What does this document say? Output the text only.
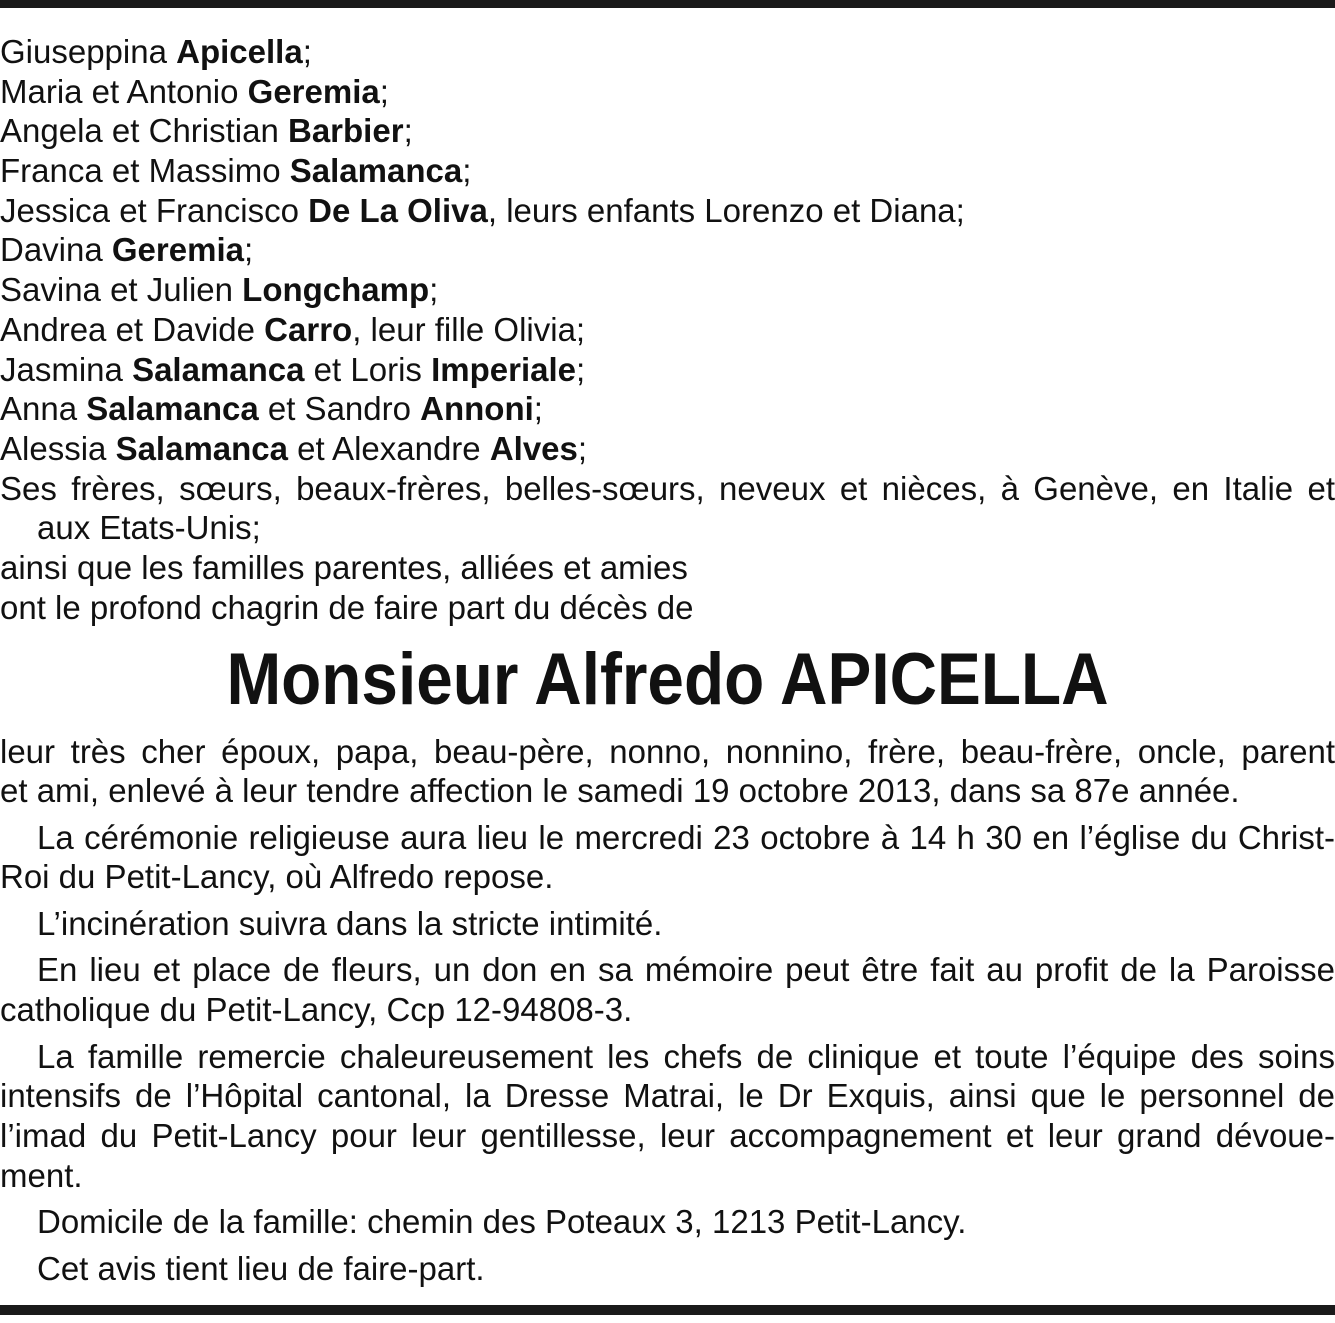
Giuseppina Apicella;
Maria et Antonio Geremia;
Angela et Christian Barbier;
Franca et Massimo Salamanca;
Jessica et Francisco De La Oliva, leurs enfants Lorenzo et Diana;
Davina Geremia;
Savina et Julien Longchamp;
Andrea et Davide Carro, leur fille Olivia;
Jasmina Salamanca et Loris Imperiale;
Anna Salamanca et Sandro Annoni;
Alessia Salamanca et Alexandre Alves;
Ses frères, sœurs, beaux-frères, belles-sœurs, neveux et nièces, à Genève, en Italie et
aux Etats-Unis;
ainsi que les familles parentes, alliées et amies
ont le profond chagrin de faire part du décès de
Monsieur Alfredo APICELLA
leur très cher époux, papa, beau-père, nonno, nonnino, frère, beau-frère, oncle, parent
et ami, enlevé à leur tendre affection le samedi 19 octobre 2013, dans sa 87e année.
La cérémonie religieuse aura lieu le mercredi 23 octobre à 14 h 30 en l’église du Christ-
Roi du Petit-Lancy, où Alfredo repose.
L’incinération suivra dans la stricte intimité.
En lieu et place de fleurs, un don en sa mémoire peut être fait au profit de la Paroisse
catholique du Petit-Lancy, Ccp 12-94808-3.
La famille remercie chaleureusement les chefs de clinique et toute l’équipe des soins
intensifs de l’Hôpital cantonal, la Dresse Matrai, le Dr Exquis, ainsi que le personnel de
l’imad du Petit-Lancy pour leur gentillesse, leur accompagnement et leur grand dévoue-
ment.
Domicile de la famille: chemin des Poteaux 3, 1213 Petit-Lancy.
Cet avis tient lieu de faire-part.
